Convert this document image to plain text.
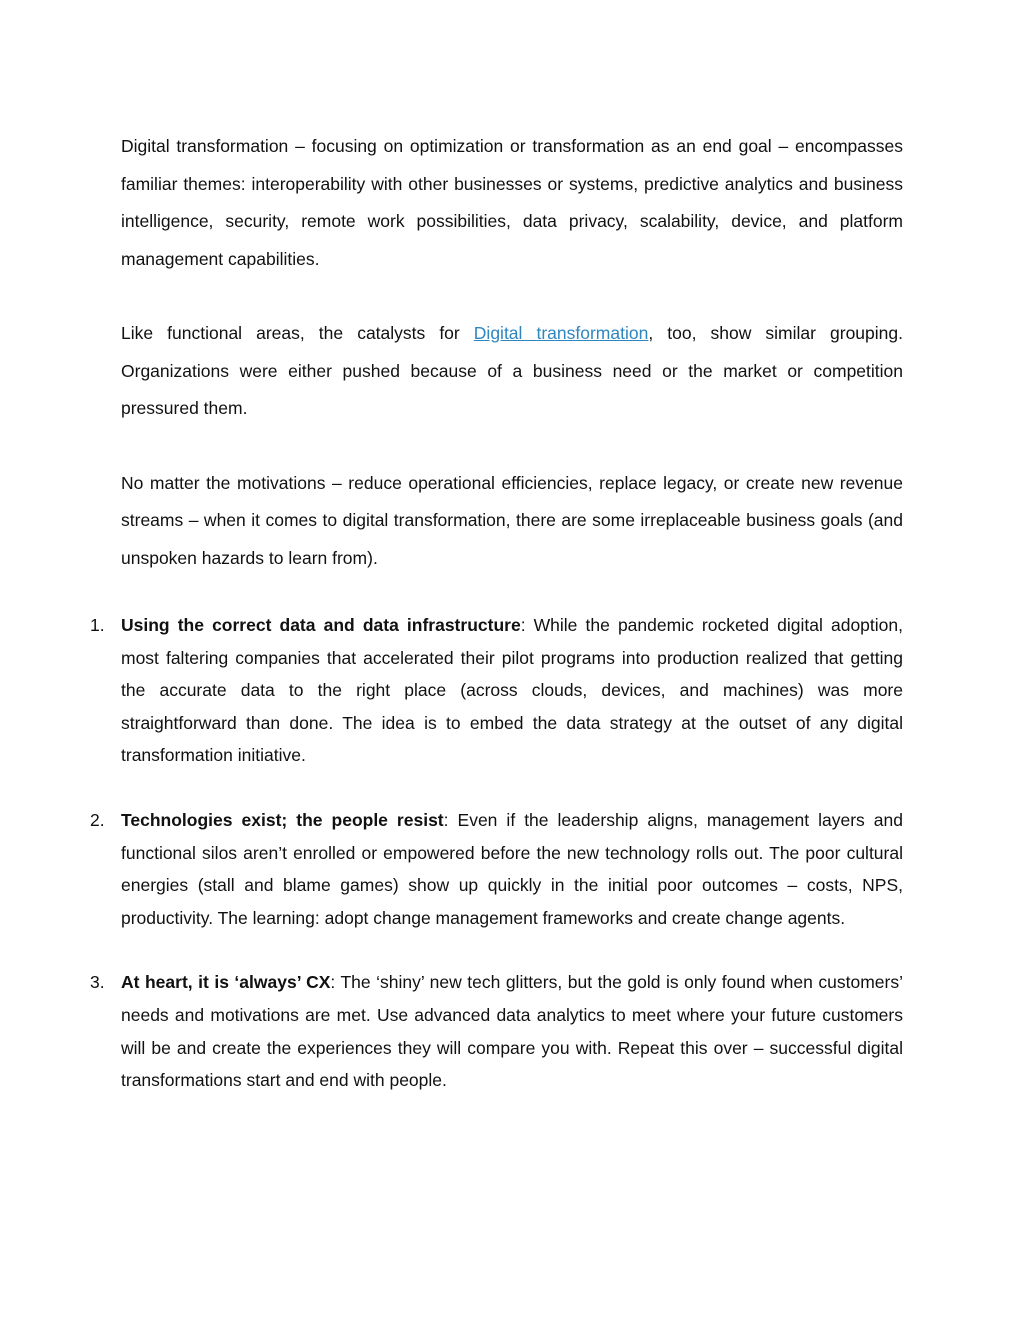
Digital transformation – focusing on optimization or transformation as an end goal – encompasses familiar themes: interoperability with other businesses or systems, predictive analytics and business intelligence, security, remote work possibilities, data privacy, scalability, device, and platform management capabilities.

Like functional areas, the catalysts for Digital transformation, too, show similar grouping. Organizations were either pushed because of a business need or the market or competition pressured them.

No matter the motivations – reduce operational efficiencies, replace legacy, or create new revenue streams – when it comes to digital transformation, there are some irreplaceable business goals (and unspoken hazards to learn from).

1. Using the correct data and data infrastructure: While the pandemic rocketed digital adoption, most faltering companies that accelerated their pilot programs into production realized that getting the accurate data to the right place (across clouds, devices, and machines) was more straightforward than done. The idea is to embed the data strategy at the outset of any digital transformation initiative.
2. Technologies exist; the people resist: Even if the leadership aligns, management layers and functional silos aren’t enrolled or empowered before the new technology rolls out. The poor cultural energies (stall and blame games) show up quickly in the initial poor outcomes – costs, NPS, productivity. The learning: adopt change management frameworks and create change agents.
3. At heart, it is ‘always’ CX: The ‘shiny’ new tech glitters, but the gold is only found when customers’ needs and motivations are met. Use advanced data analytics to meet where your future customers will be and create the experiences they will compare you with. Repeat this over – successful digital transformations start and end with people.
